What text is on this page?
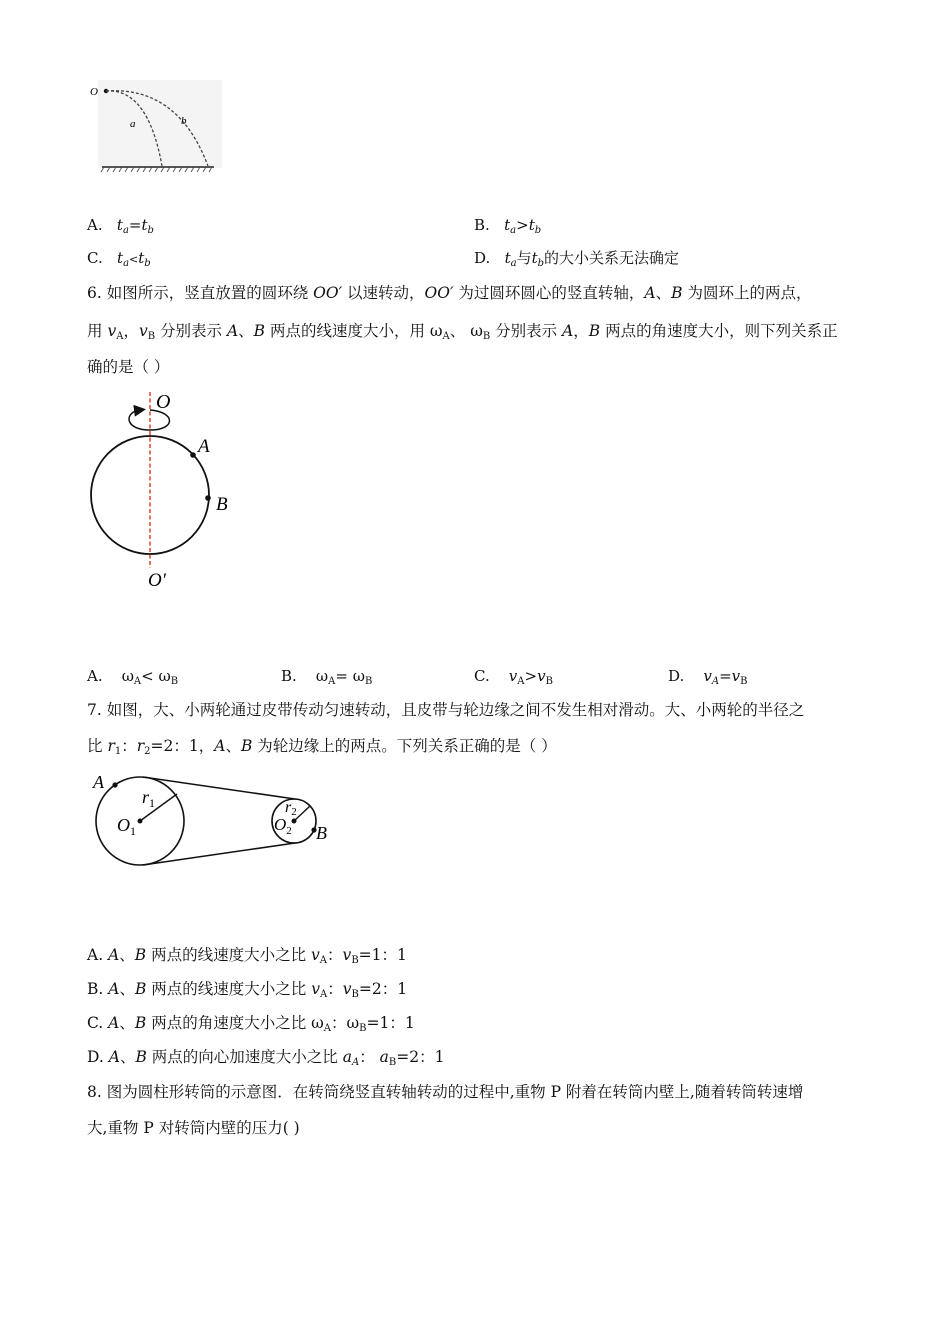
O
a	b
A. $t_a=t_b$	B. $t_a>t_b$
C. $t_a<t_b$	D. $t_a$与$t_b$的大小关系无法确定
6. 如图所示，竖直放置的圆环绕 OO′ 以速转动，OO′ 为过圆环圆心的竖直转轴，A、B 为圆环上的两点，
用 $v_A$，$v_B$ 分别表示 A、B 两点的线速度大小，用 $\omega_A$、 $\omega_B$ 分别表示 A，B 两点的角速度大小，则下列关系正
确的是（ ）
O
A
B
O′
A. $\omega_A< \omega_B$	B. $\omega_A= \omega_B$	C. $v_A>v_B$	D. $v_A=v_B$
7. 如图，大、小两轮通过皮带传动匀速转动，且皮带与轮边缘之间不发生相对滑动。大、小两轮的半径之
比 $r_1$：$r_2=2$：1，A、B 为轮边缘上的两点。下列关系正确的是（ ）
A
B
$r_1$	r2
$O_1$	$O_2$
A. A、B 两点的线速度大小之比 $v_A$：$v_B=1$：1
B. A、B 两点的线速度大小之比 $v_A$：$v_B=2$：1
C. A、B 两点的角速度大小之比 $\omega_A$：$\omega_B=1$：1
D. A、B 两点的向心加速度大小之比 $a_A$： $a_B=2$：1
8. 图为圆柱形转筒的示意图．在转筒绕竖直转轴转动的过程中,重物 P 附着在转筒内壁上,随着转筒转速增
大,重物 P 对转筒内壁的压力( )
